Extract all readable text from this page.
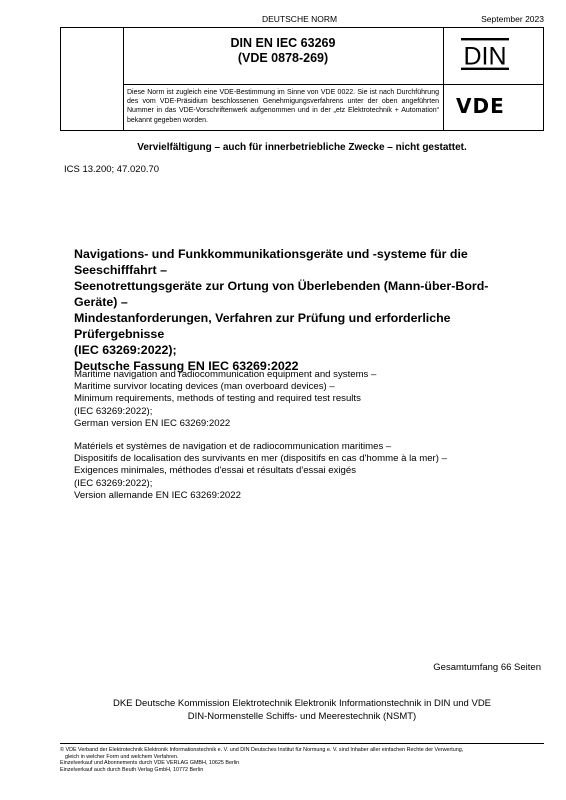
DEUTSCHE NORM	September 2023
DIN EN IEC 63269
(VDE 0878-269)
Diese Norm ist zugleich eine VDE-Bestimmung im Sinne von VDE 0022. Sie ist nach Durchführung des vom VDE-Präsidium beschlossenen Genehmigungsverfahrens unter der oben angeführten Nummer in das VDE-Vorschriftenwerk aufgenommen und in der „etz Elektrotechnik + Automation“ bekannt gegeben worden.
DIN
VDE
Vervielfältigung – auch für innerbetriebliche Zwecke – nicht gestattet.
ICS 13.200; 47.020.70
Navigations- und Funkkommunikationsgeräte und -systeme für die
Seeschifffahrt –
Seenotrettungsgeräte zur Ortung von Überlebenden (Mann-über-Bord-
Geräte) –
Mindestanforderungen, Verfahren zur Prüfung und erforderliche
Prüfergebnisse
(IEC 63269:2022);
Deutsche Fassung EN IEC 63269:2022
Maritime navigation and radiocommunication equipment and systems –
Maritime survivor locating devices (man overboard devices) –
Minimum requirements, methods of testing and required test results
(IEC 63269:2022);
German version EN IEC 63269:2022
Matériels et systèmes de navigation et de radiocommunication maritimes –
Dispositifs de localisation des survivants en mer (dispositifs en cas d'homme à la mer) –
Exigences minimales, méthodes d'essai et résultats d'essai exigés
(IEC 63269:2022);
Version allemande EN IEC 63269:2022
Gesamtumfang 66 Seiten
DKE Deutsche Kommission Elektrotechnik Elektronik Informationstechnik in DIN und VDE
DIN-Normenstelle Schiffs- und Meerestechnik (NSMT)
© VDE Verband der Elektrotechnik Elektronik Informationstechnik e. V. und DIN Deutsches Institut für Normung e. V. sind Inhaber aller einfachen Rechte der Verwertung,
gleich in welcher Form und welchem Verfahren.
Einzelverkauf und Abonnements durch VDE VERLAG GMBH, 10625 Berlin
Einzelverkauf auch durch Beuth Verlag GmbH, 10772 Berlin
